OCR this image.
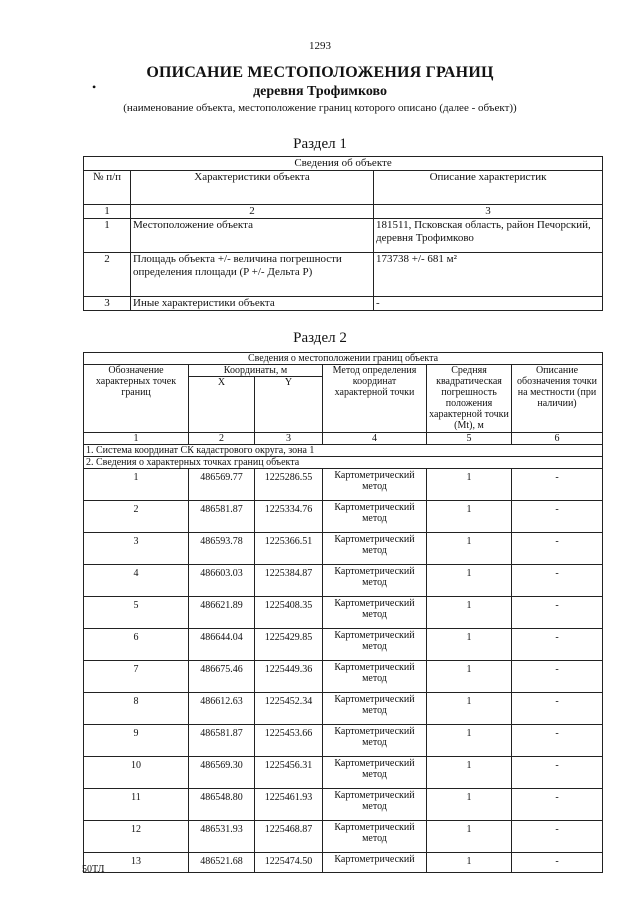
1293
•
ОПИСАНИЕ МЕСТОПОЛОЖЕНИЯ ГРАНИЦ
деревня Трофимково
(наименование объекта, местоположение границ которого описано (далее - объект))
Раздел 1
Сведения об объекте		
№ п/п	Характеристики объекта	Описание характеристик
1	2	3
1	Местоположение объекта	181511, Псковская область, район Печорский, деревня Трофимково
2	Площадь объекта +/- величина погрешности определения площади (P +/- Дельта P)	173738 +/- 681 м²
3	Иные характеристики объекта	-
Раздел 2
Сведения о местоположении границ объекта					
Обозначение характерных точек границ	Координаты, м		Метод определения координат характерной точки	Средняя квадратическая погрешность положения характерной точки (Mt), м	Описание обозначения точки на местности (при наличии)
	X	Y			
1	2	3	4	5	6
1. Система координат СК кадастрового округа, зона 1					
2. Сведения о характерных точках границ объекта					
1	486569.77	1225286.55	Картометрический метод	1	-
2	486581.87	1225334.76	Картометрический метод	1	-
3	486593.78	1225366.51	Картометрический метод	1	-
4	486603.03	1225384.87	Картометрический метод	1	-
5	486621.89	1225408.35	Картометрический метод	1	-
6	486644.04	1225429.85	Картометрический метод	1	-
7	486675.46	1225449.36	Картометрический метод	1	-
8	486612.63	1225452.34	Картометрический метод	1	-
9	486581.87	1225453.66	Картометрический метод	1	-
10	486569.30	1225456.31	Картометрический метод	1	-
11	486548.80	1225461.93	Картометрический метод	1	-
12	486531.93	1225468.87	Картометрический метод	1	-
13	486521.68	1225474.50	Картометрический	1	-
50ТЛ
